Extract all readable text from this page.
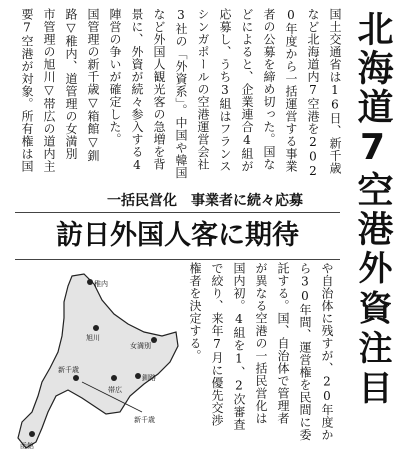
北海道7空港
外資注目
国土交通省は16日、新千歳
など北海道内7空港を202
0年度から一括運営する事業
者の公募を締め切った。国な
どによると、企業連合4組が
応募し、うち3組はフランス
シンガポールの空港運営会社
3社の「外資系」。中国や韓国
など外国人観光客の急増を背
景に、外資が続々参入する4
陣営の争いが確定した。
国管理の新千歳▽箱館▽釧
路▽稚内、道管理の女満別
市管理の旭川▽帯広の道内主
要7空港が対象。所有権は国
一括民営化　事業者に続々応募
訪日外国人客に期待
や自治体に残すが、20年度か
ら30年間、運営権を民間に委
託する。国、自治体で管理者
が異なる空港の一括民営化は
国内初。4組を1、2次審査
で絞り、来年7月に優先交渉
権者を決定する。
稚内
旭川
女満別
釧路
帯広
新千歳
函館
新千歳
